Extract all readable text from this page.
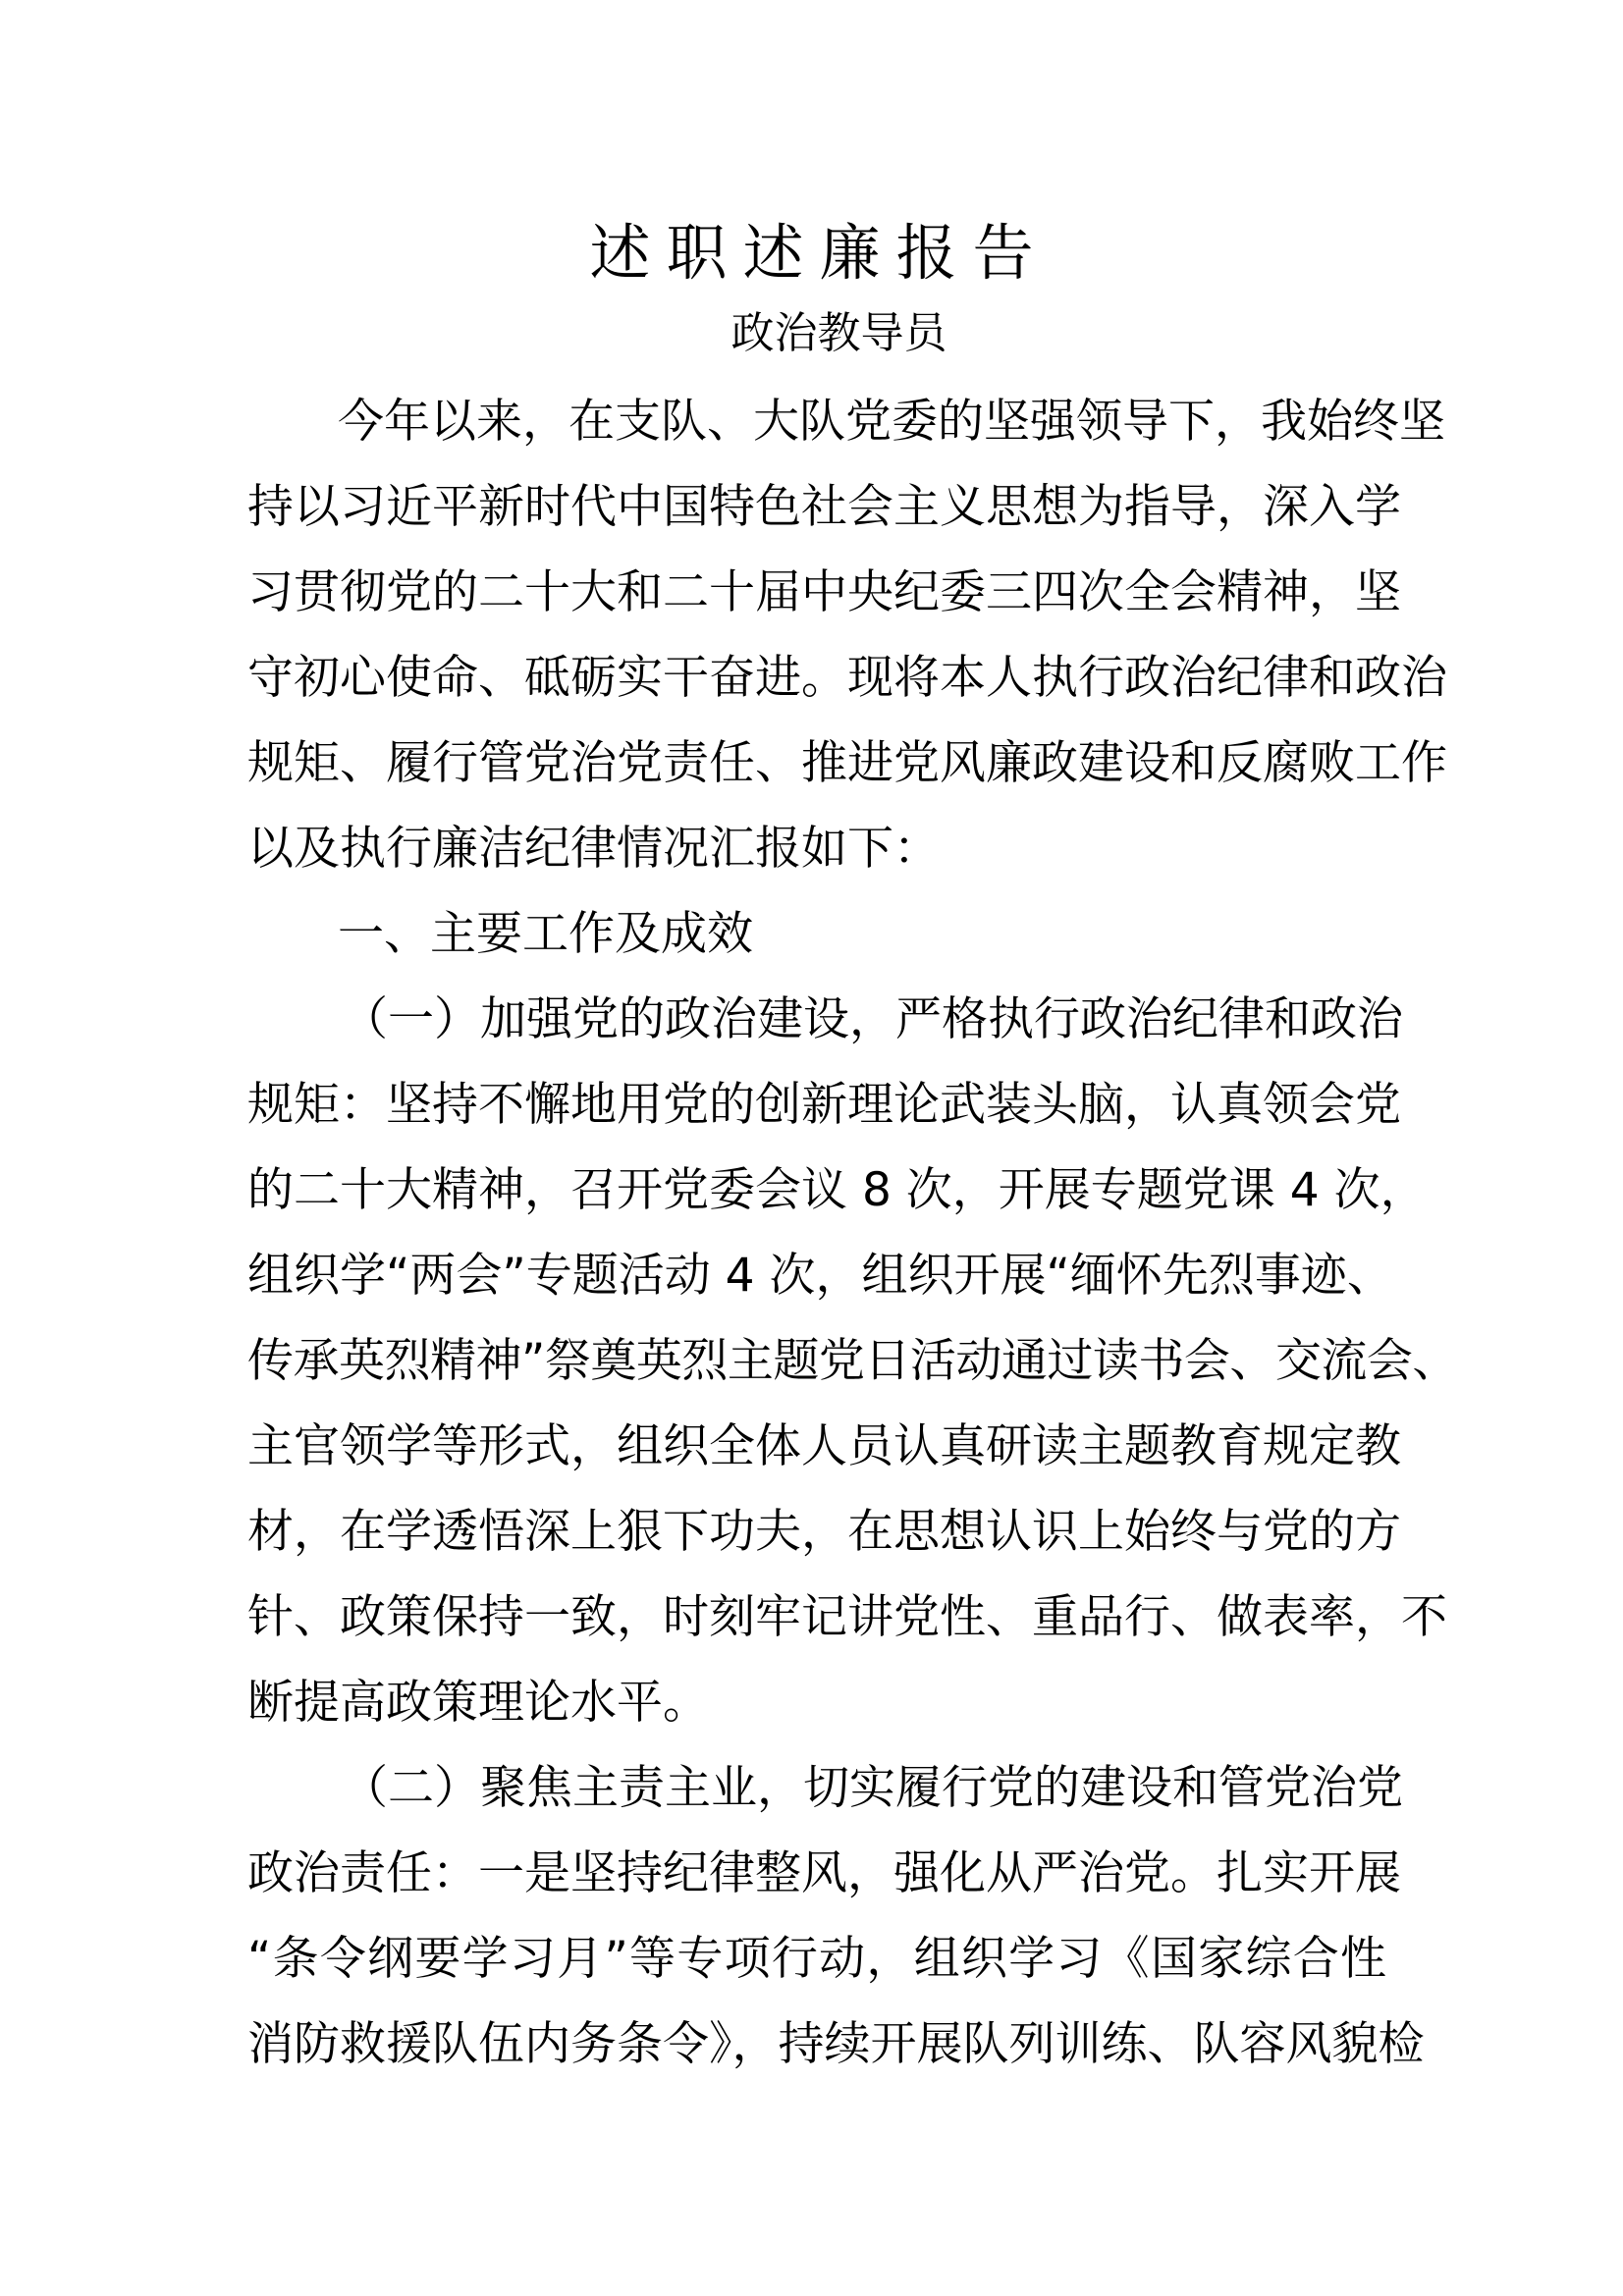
述职述廉报告
政治教导员
今年以来，在支队、大队党委的坚强领导下，我始终坚
持以习近平新时代中国特色社会主义思想为指导，深入学
习贯彻党的二十大和二十届中央纪委三四次全会精神，坚
守初心使命、砥砺实干奋进。现将本人执行政治纪律和政治
规矩、履行管党治党责任、推进党风廉政建设和反腐败工作
以及执行廉洁纪律情况汇报如下：
一、主要工作及成效
（一）加强党的政治建设，严格执行政治纪律和政治
规矩：坚持不懈地用党的创新理论武装头脑，认真领会党
的二十大精神，召开党委会议 8 次，开展专题党课 4 次，
组织学“两会”专题活动 4 次，组织开展“缅怀先烈事迹、
传承英烈精神”祭奠英烈主题党日活动通过读书会、交流会、
主官领学等形式，组织全体人员认真研读主题教育规定教
材，在学透悟深上狠下功夫，在思想认识上始终与党的方
针、政策保持一致，时刻牢记讲党性、重品行、做表率，不
断提高政策理论水平。
（二）聚焦主责主业，切实履行党的建设和管党治党
政治责任：一是坚持纪律整风，强化从严治党。扎实开展
“条令纲要学习月”等专项行动，组织学习《国家综合性
消防救援队伍内务条令》，持续开展队列训练、队容风貌检
